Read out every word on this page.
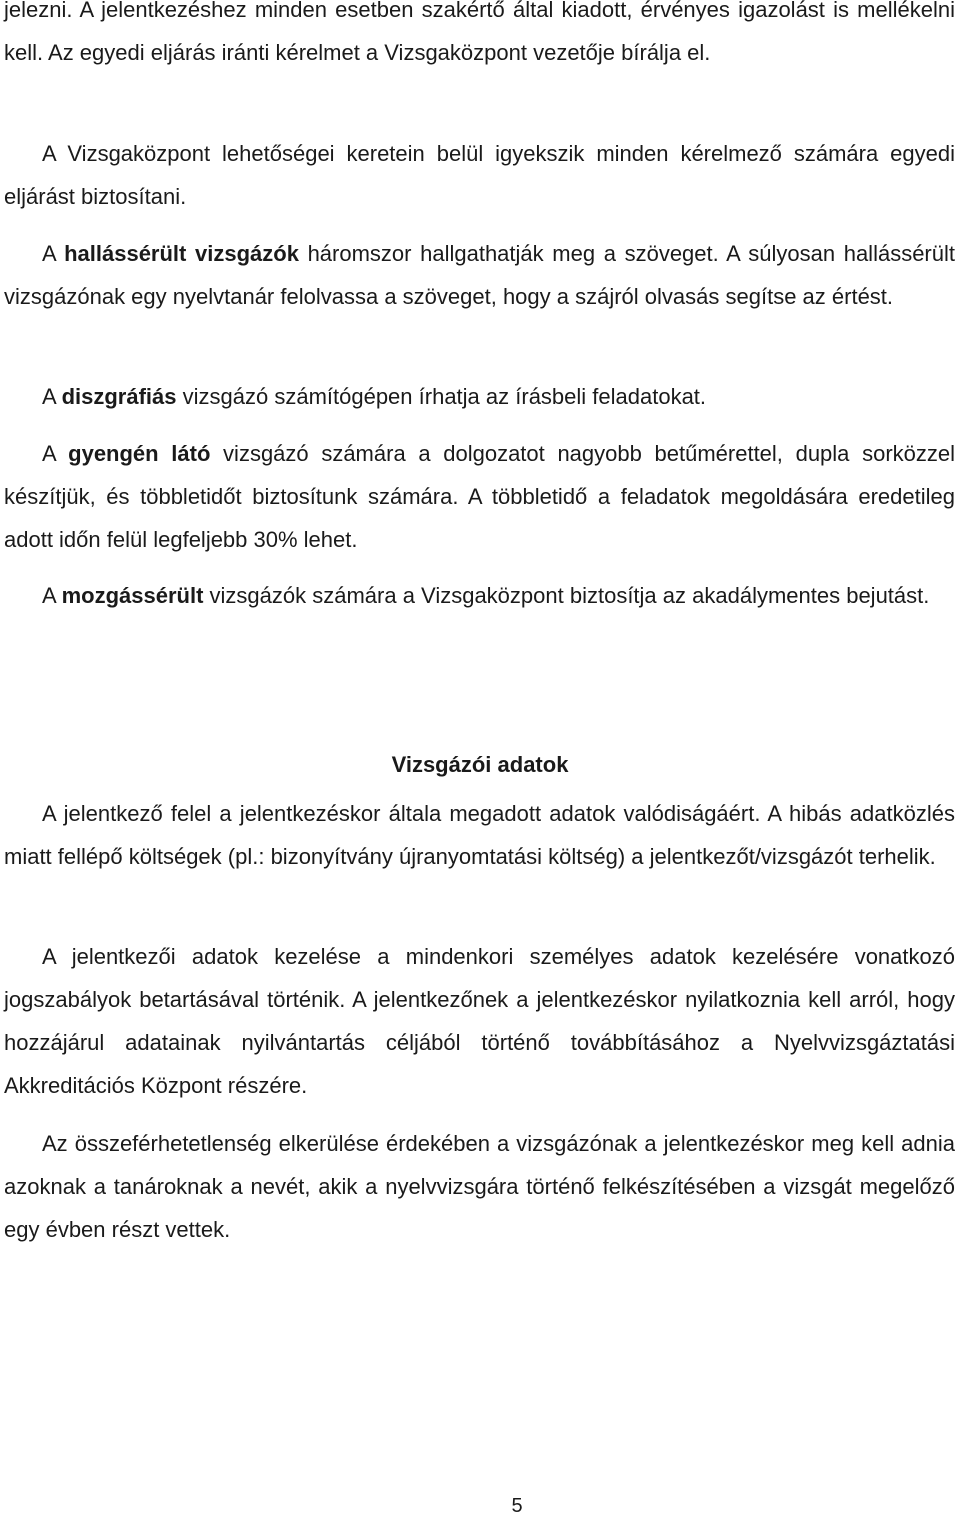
jelezni. A jelentkezéshez minden esetben szakértő által kiadott, érvényes igazolást is mellékelni kell. Az egyedi eljárás iránti kérelmet a Vizsgaközpont vezetője bírálja el.

A Vizsgaközpont lehetőségei keretein belül igyekszik minden kérelmező számára egyedi eljárást biztosítani.

A hallássérült vizsgázók háromszor hallgathatják meg a szöveget. A súlyosan hallássérült vizsgázónak egy nyelvtanár felolvassa a szöveget, hogy a szájról olvasás segítse az értést.

A diszgráfiás vizsgázó számítógépen írhatja az írásbeli feladatokat.

A gyengén látó vizsgázó számára a dolgozatot nagyobb betűmérettel, dupla sorközzel készítjük, és többletidőt biztosítunk számára. A többletidő a feladatok megoldására eredetileg adott időn felül legfeljebb 30% lehet.

A mozgássérült vizsgázók számára a Vizsgaközpont biztosítja az akadálymentes bejutást.

Vizsgázói adatok

A jelentkező felel a jelentkezéskor általa megadott adatok valódiságáért. A hibás adatközlés miatt fellépő költségek (pl.: bizonyítvány újranyomtatási költség) a jelentkezőt/vizsgázót terhelik.

A jelentkezői adatok kezelése a mindenkori személyes adatok kezelésére vonatkozó jogszabályok betartásával történik. A jelentkezőnek a jelentkezéskor nyilatkoznia kell arról, hogy hozzájárul adatainak nyilvántartás céljából történő továbbításához a Nyelvvizsgáztatási Akkreditációs Központ részére.

Az összeférhetetlenség elkerülése érdekében a vizsgázónak a jelentkezéskor meg kell adnia azoknak a tanároknak a nevét, akik a nyelvvizsgára történő felkészítésében a vizsgát megelőző egy évben részt vettek.

5
